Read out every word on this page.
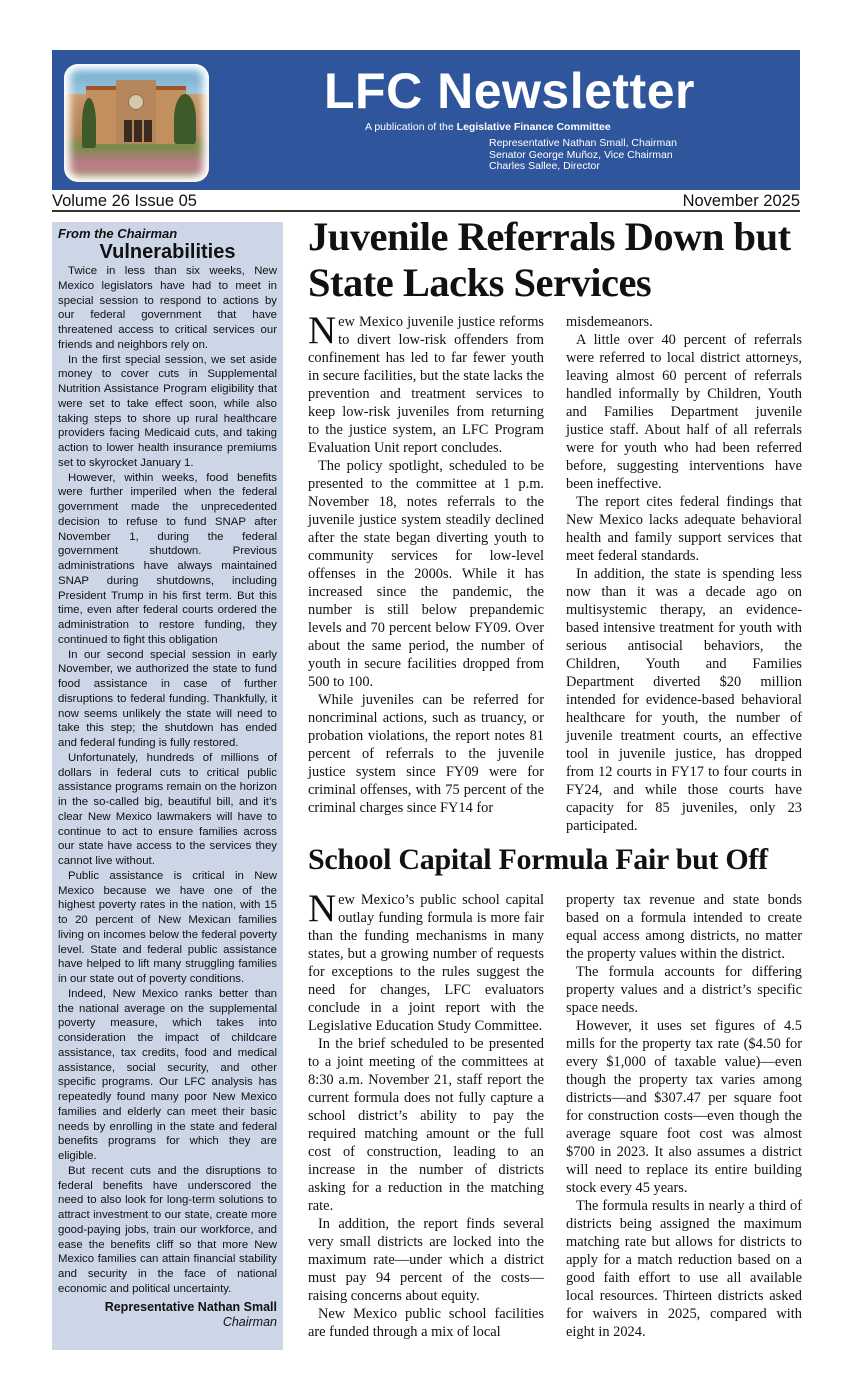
LFC Newsletter
A publication of the Legislative Finance Committee
Representative Nathan Small, Chairman
Senator George Muñoz, Vice Chairman
Charles Sallee, Director
Volume 26 Issue 05	November 2025
From the Chairman
Vulnerabilities

Twice in less than six weeks, New Mexico legislators have had to meet in special session to respond to actions by our federal government that have threatened access to critical services our friends and neighbors rely on.

In the first special session, we set aside money to cover cuts in Supplemental Nutrition Assistance Program eligibility that were set to take effect soon, while also taking steps to shore up rural healthcare providers facing Medicaid cuts, and taking action to lower health insurance premiums set to skyrocket January 1.

However, within weeks, food benefits were further imperiled when the federal government made the unprecedented decision to refuse to fund SNAP after November 1, during the federal government shutdown. Previous administrations have always maintained SNAP during shutdowns, including President Trump in his first term. But this time, even after federal courts ordered the administration to restore funding, they continued to fight this obligation

In our second special session in early November, we authorized the state to fund food assistance in case of further disruptions to federal funding. Thankfully, it now seems unlikely the state will need to take this step; the shutdown has ended and federal funding is fully restored.

Unfortunately, hundreds of millions of dollars in federal cuts to critical public assistance programs remain on the horizon in the so-called big, beautiful bill, and it’s clear New Mexico lawmakers will have to continue to act to ensure families across our state have access to the services they cannot live without.

Public assistance is critical in New Mexico because we have one of the highest poverty rates in the nation, with 15 to 20 percent of New Mexican families living on incomes below the federal poverty level. State and federal public assistance have helped to lift many struggling families in our state out of poverty conditions.

Indeed, New Mexico ranks better than the national average on the supplemental poverty measure, which takes into consideration the impact of childcare assistance, tax credits, food and medical assistance, social security, and other specific programs. Our LFC analysis has repeatedly found many poor New Mexico families and elderly can meet their basic needs by enrolling in the state and federal benefits programs for which they are eligible.

But recent cuts and the disruptions to federal benefits have underscored the need to also look for long-term solutions to attract investment to our state, create more good-paying jobs, train our workforce, and ease the benefits cliff so that more New Mexico families can attain financial stability and security in the face of national economic and political uncertainty.

Representative Nathan Small
Chairman
Juvenile Referrals Down but State Lacks Services

New Mexico juvenile justice reforms to divert low-risk offenders from confinement has led to far fewer youth in secure facilities, but the state lacks the prevention and treatment services to keep low-risk juveniles from returning to the justice system, an LFC Program Evaluation Unit report concludes.

The policy spotlight, scheduled to be presented to the committee at 1 p.m. November 18, notes referrals to the juvenile justice system steadily declined after the state began diverting youth to community services for low-level offenses in the 2000s. While it has increased since the pandemic, the number is still below prepandemic levels and 70 percent below FY09. Over about the same period, the number of youth in secure facilities dropped from 500 to 100.

While juveniles can be referred for noncriminal actions, such as truancy, or probation violations, the report notes 81 percent of referrals to the juvenile justice system since FY09 were for criminal offenses, with 75 percent of the criminal charges since FY14 for

misdemeanors.

A little over 40 percent of referrals were referred to local district attorneys, leaving almost 60 percent of referrals handled informally by Children, Youth and Families Department juvenile justice staff. About half of all referrals were for youth who had been referred before, suggesting interventions have been ineffective.

The report cites federal findings that New Mexico lacks adequate behavioral health and family support services that meet federal standards.

In addition, the state is spending less now than it was a decade ago on multisystemic therapy, an evidence-based intensive treatment for youth with serious antisocial behaviors, the Children, Youth and Families Department diverted $20 million intended for evidence-based behavioral healthcare for youth, the number of juvenile treatment courts, an effective tool in juvenile justice, has dropped from 12 courts in FY17 to four courts in FY24, and while those courts have capacity for 85 juveniles, only 23 participated.

School Capital Formula Fair but Off

New Mexico’s public school capital outlay funding formula is more fair than the funding mechanisms in many states, but a growing number of requests for exceptions to the rules suggest the need for changes, LFC evaluators conclude in a joint report with the Legislative Education Study Committee.

In the brief scheduled to be presented to a joint meeting of the committees at 8:30 a.m. November 21, staff report the current formula does not fully capture a school district’s ability to pay the required matching amount or the full cost of construction, leading to an increase in the number of districts asking for a reduction in the matching rate.

In addition, the report finds several very small districts are locked into the maximum rate—under which a district must pay 94 percent of the costs—raising concerns about equity.

New Mexico public school facilities are funded through a mix of local

property tax revenue and state bonds based on a formula intended to create equal access among districts, no matter the property values within the district.

The formula accounts for differing property values and a district’s specific space needs.

However, it uses set figures of 4.5 mills for the property tax rate ($4.50 for every $1,000 of taxable value)—even though the property tax varies among districts—and $307.47 per square foot for construction costs—even though the average square foot cost was almost $700 in 2023. It also assumes a district will need to replace its entire building stock every 45 years.

The formula results in nearly a third of districts being assigned the maximum matching rate but allows for districts to apply for a match reduction based on a good faith effort to use all available local resources. Thirteen districts asked for waivers in 2025, compared with eight in 2024.
